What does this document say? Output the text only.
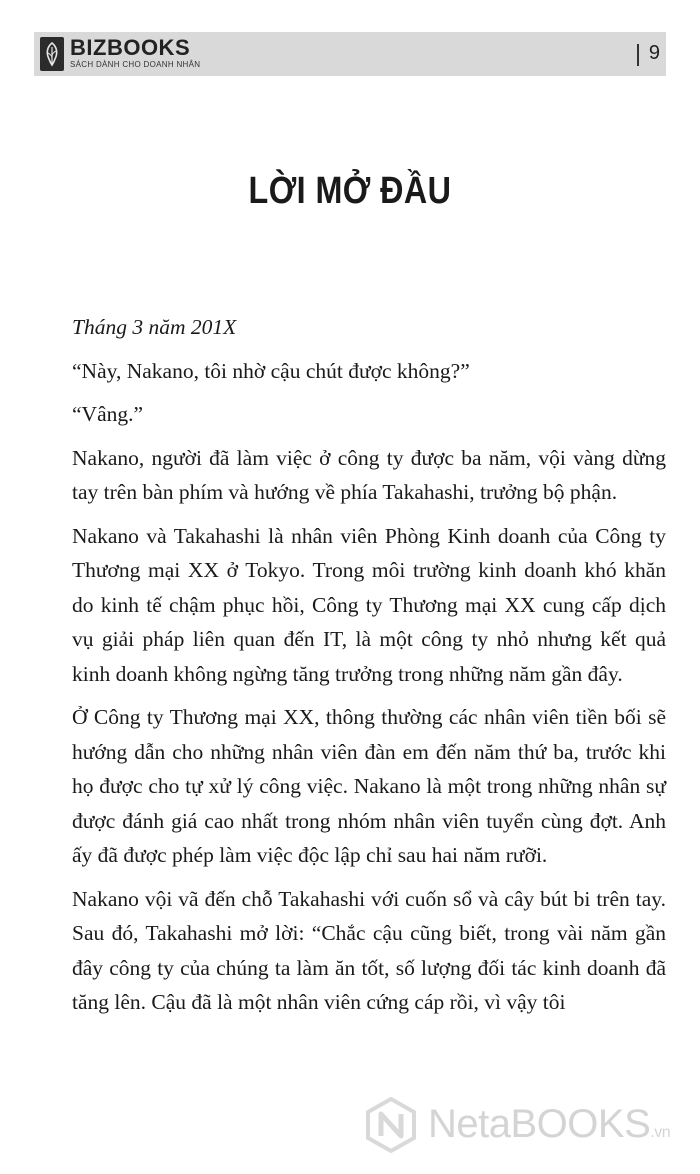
BIZBOOKS
SÁCH DÀNH CHO DOANH NHÂN
9
LỜI MỞ ĐẦU

Tháng 3 năm 201X

“Này, Nakano, tôi nhờ cậu chút được không?”

“Vâng.”

Nakano, người đã làm việc ở công ty được ba năm, vội vàng dừng tay trên bàn phím và hướng về phía Takahashi, trưởng bộ phận.

Nakano và Takahashi là nhân viên Phòng Kinh doanh của Công ty Thương mại XX ở Tokyo. Trong môi trường kinh doanh khó khăn do kinh tế chậm phục hồi, Công ty Thương mại XX cung cấp dịch vụ giải pháp liên quan đến IT, là một công ty nhỏ nhưng kết quả kinh doanh không ngừng tăng trưởng trong những năm gần đây.

Ở Công ty Thương mại XX, thông thường các nhân viên tiền bối sẽ hướng dẫn cho những nhân viên đàn em đến năm thứ ba, trước khi họ được cho tự xử lý công việc. Nakano là một trong những nhân sự được đánh giá cao nhất trong nhóm nhân viên tuyển cùng đợt. Anh ấy đã được phép làm việc độc lập chỉ sau hai năm rưỡi.

Nakano vội vã đến chỗ Takahashi với cuốn sổ và cây bút bi trên tay. Sau đó, Takahashi mở lời: “Chắc cậu cũng biết, trong vài năm gần đây công ty của chúng ta làm ăn tốt, số lượng đối tác kinh doanh đã tăng lên. Cậu đã là một nhân viên cứng cáp rồi, vì vậy tôi

NetaBOOKS.vn
